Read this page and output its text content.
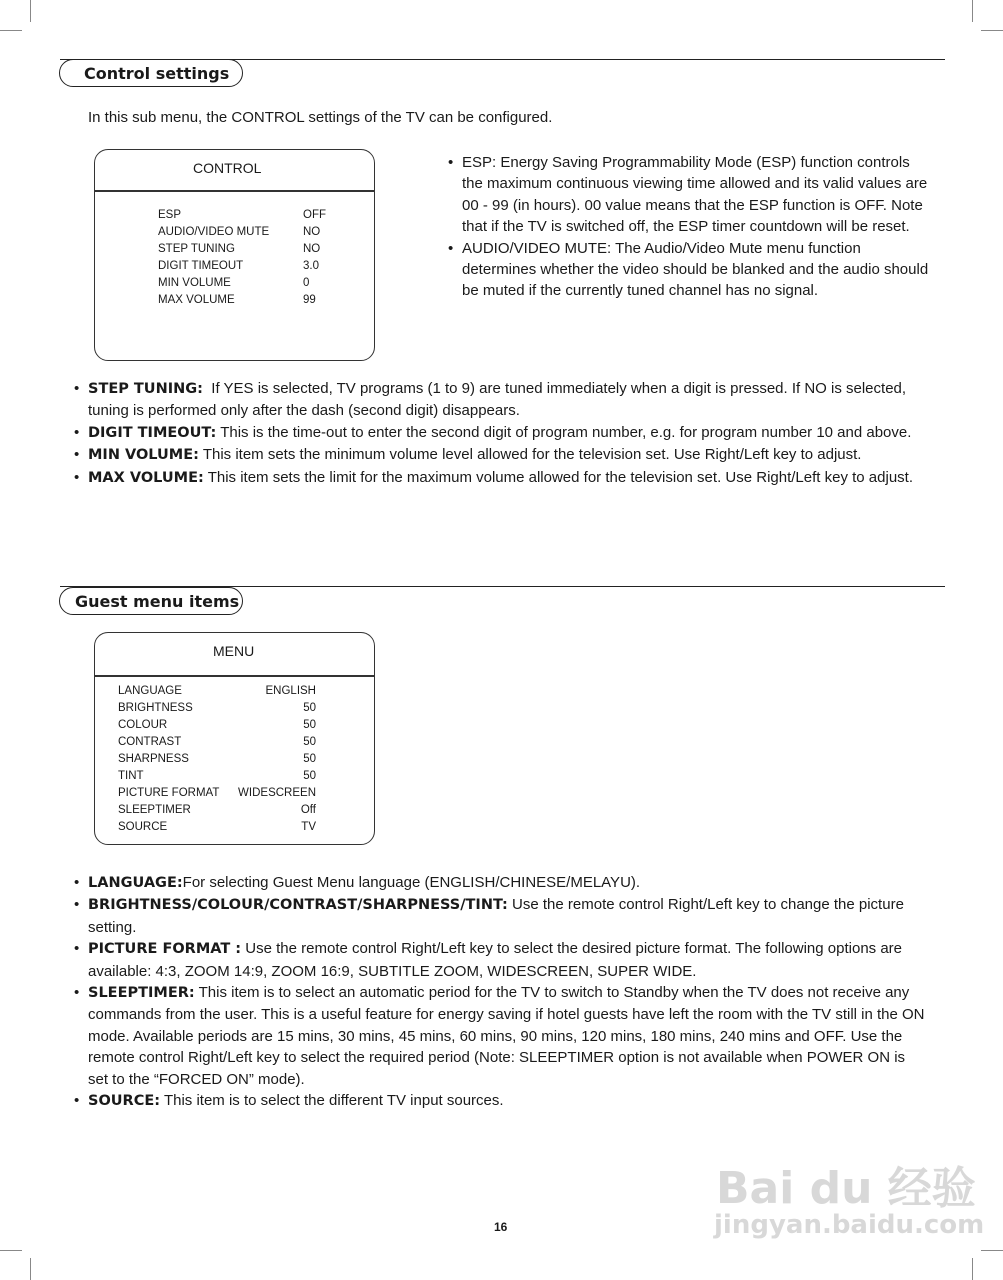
Control settings
In this sub menu, the CONTROL settings of the TV can be configured.
CONTROL
ESP	OFF
AUDIO/VIDEO MUTE	NO
STEP TUNING	NO
DIGIT TIMEOUT	3.0
MIN VOLUME	0
MAX VOLUME	99
• ESP: Energy Saving Programmability Mode (ESP) function controls the maximum continuous viewing time allowed and its valid values are 00 - 99 (in hours). 00 value means that the ESP function is OFF. Note that if the TV is switched off, the ESP timer countdown will be reset.
• AUDIO/VIDEO MUTE: The Audio/Video Mute menu function determines whether the video should be blanked and the audio should be muted if the currently tuned channel has no signal.
• STEP TUNING:  If YES is selected, TV programs (1 to 9) are tuned immediately when a digit is pressed. If NO is selected, tuning is performed only after the dash (second digit) disappears.
• DIGIT TIMEOUT: This is the time-out to enter the second digit of program number, e.g. for program number 10 and above.
• MIN VOLUME: This item sets the minimum volume level allowed for the television set. Use Right/Left key to adjust.
• MAX VOLUME: This item sets the limit for the maximum volume allowed for the television set. Use Right/Left key to adjust.
Guest menu items
MENU
LANGUAGE	ENGLISH
BRIGHTNESS	50
COLOUR	50
CONTRAST	50
SHARPNESS	50
TINT	50
PICTURE FORMAT WIDESCREEN
SLEEPTIMER	Off
SOURCE	TV
• LANGUAGE:For selecting Guest Menu language (ENGLISH/CHINESE/MELAYU).
• BRIGHTNESS/COLOUR/CONTRAST/SHARPNESS/TINT: Use the remote control Right/Left key to change the picture setting.
• PICTURE FORMAT : Use the remote control Right/Left key to select the desired picture format. The following options are available: 4:3, ZOOM 14:9, ZOOM 16:9, SUBTITLE ZOOM, WIDESCREEN, SUPER WIDE.
• SLEEPTIMER: This item is to select an automatic period for the TV to switch to Standby when the TV does not receive any commands from the user. This is a useful feature for energy saving if hotel guests have left the room with the TV still in the ON mode. Available periods are 15 mins, 30 mins, 45 mins, 60 mins, 90 mins, 120 mins, 180 mins, 240 mins and OFF. Use the remote control Right/Left key to select the required period (Note: SLEEPTIMER option is not available when POWER ON is set to the “FORCED ON” mode).
• SOURCE: This item is to select the different TV input sources.
16
Bai du 经验
jingyan.baidu.com
